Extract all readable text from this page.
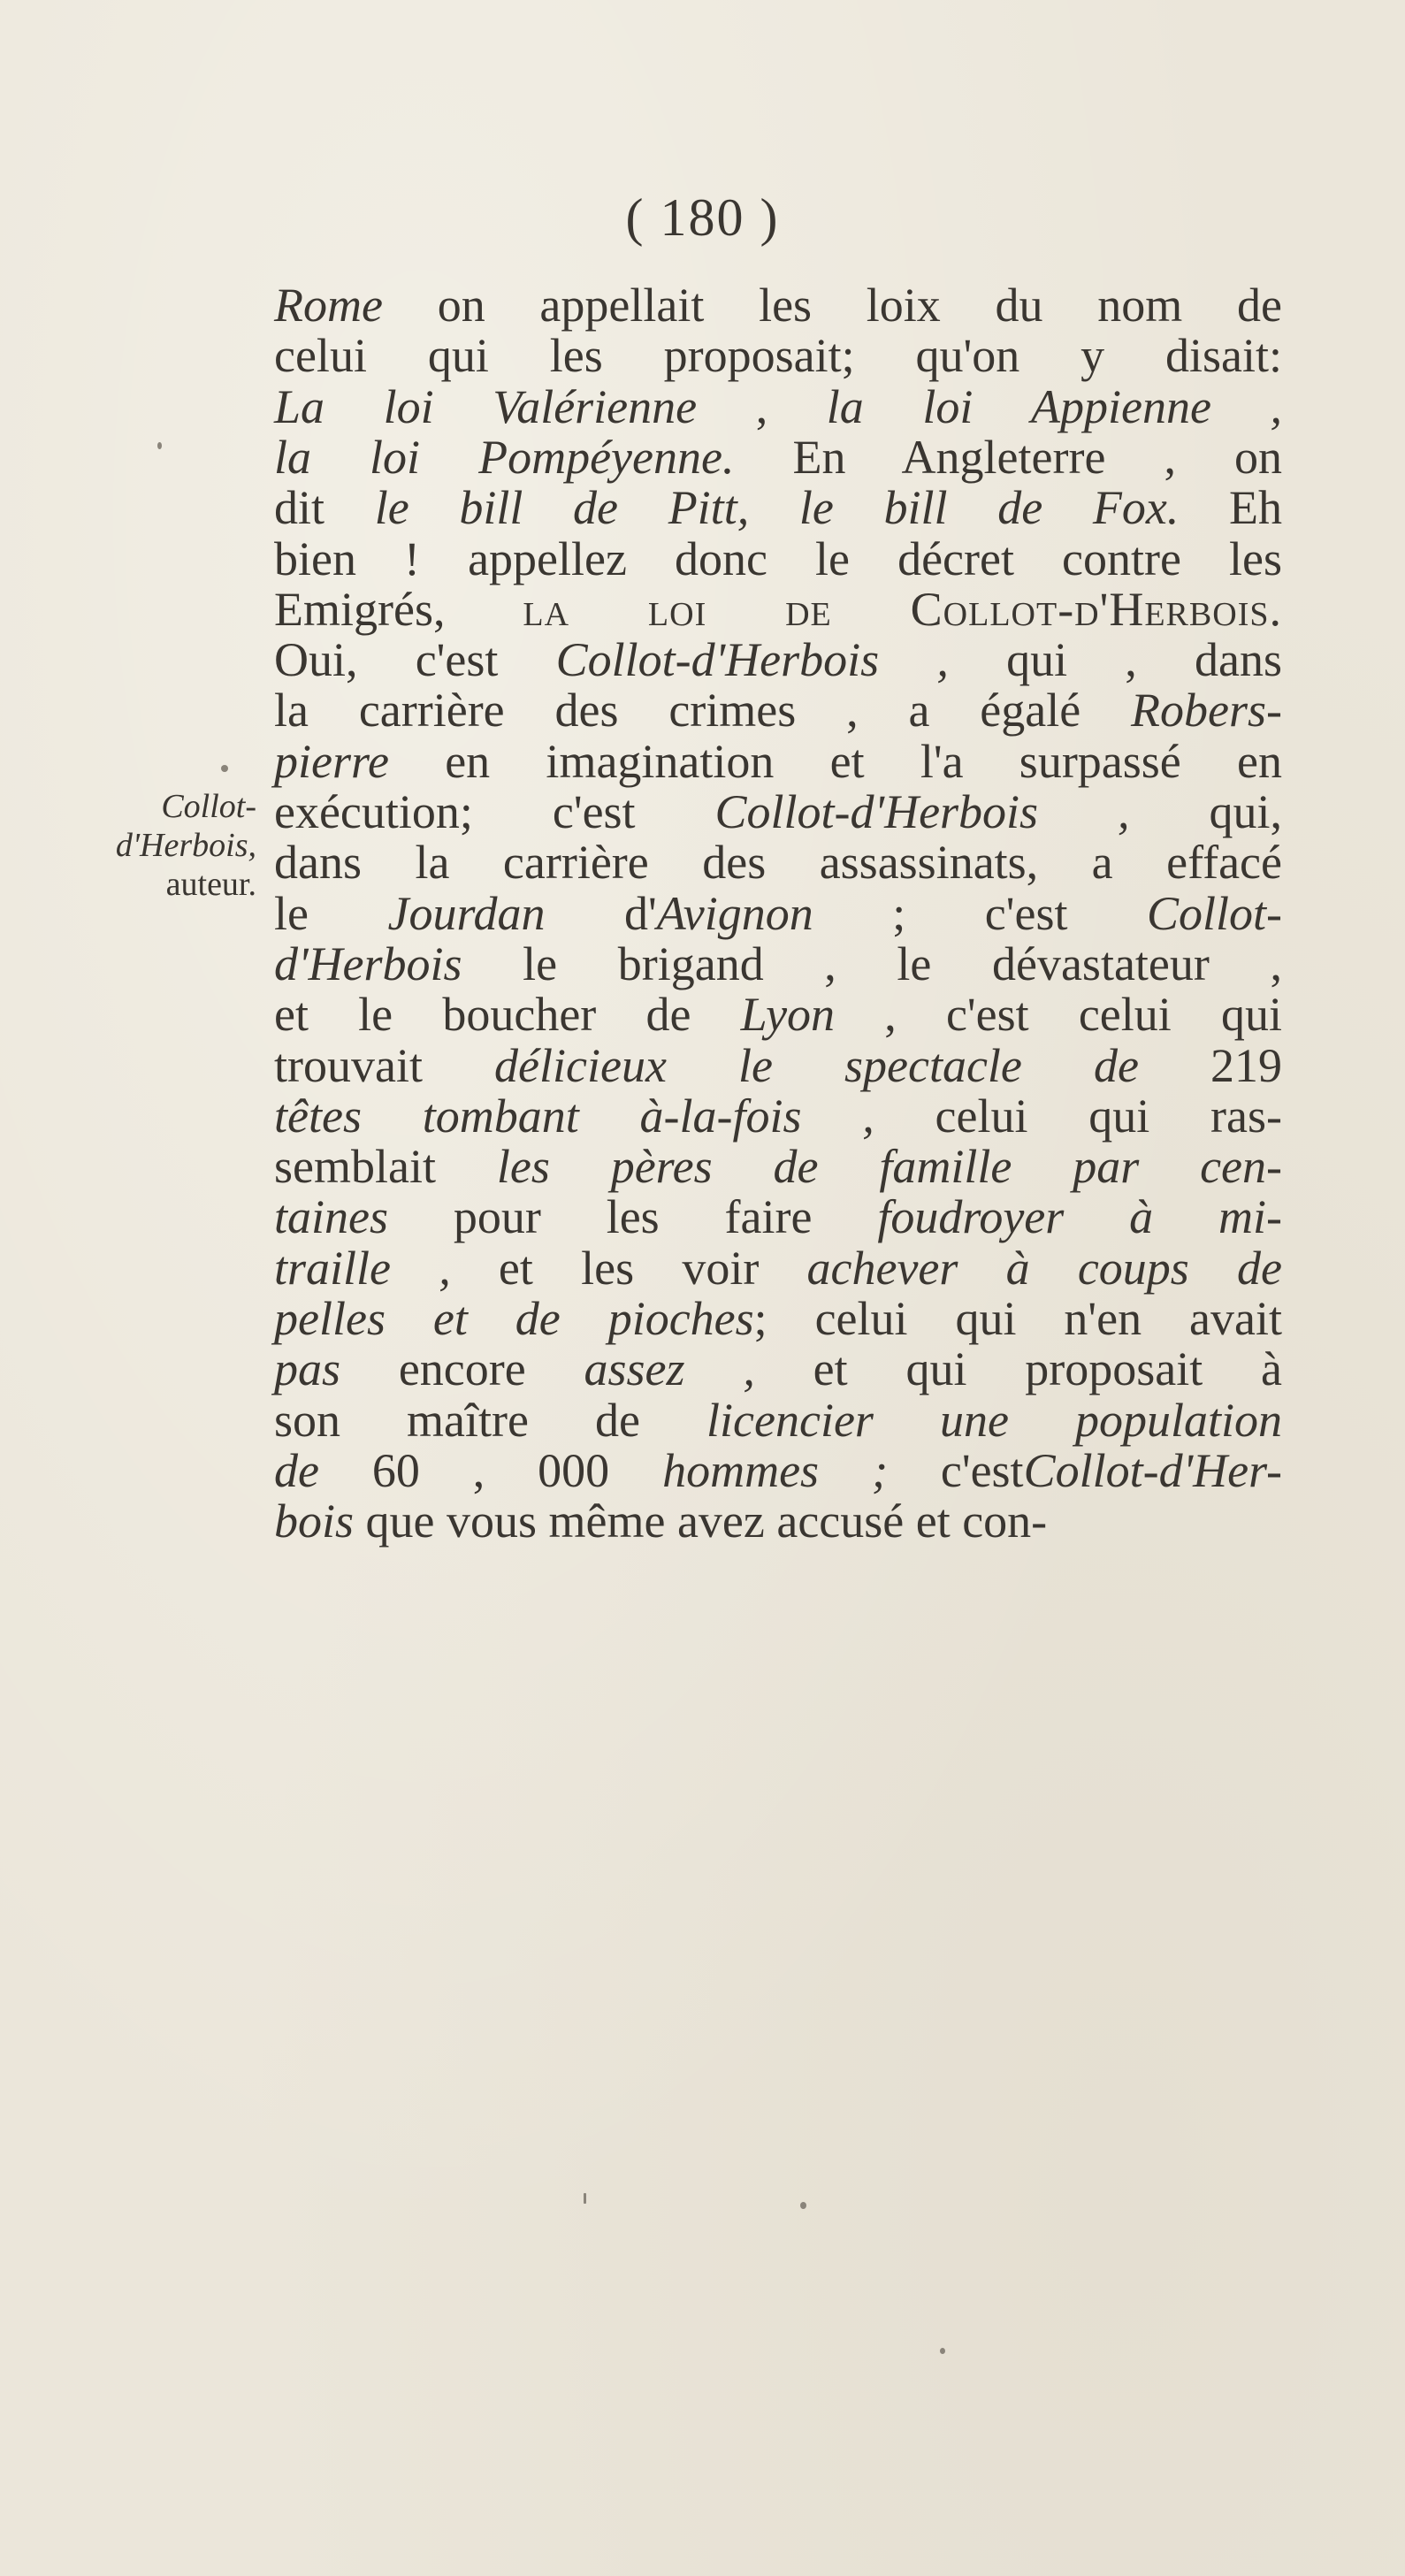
( 180 )
Collot-
d'Herbois,
auteur.
Rome on appellait les loix du nom de
celui qui les proposait; qu'on y disait:
La loi Valérienne , la loi Appienne ,
la loi Pompéyenne. En Angleterre , on
dit le bill de Pitt, le bill de Fox. Eh
bien ! appellez donc le décret contre les
Emigrés, la loi de Collot-d'Herbois.
Oui, c'est Collot-d'Herbois , qui , dans
la carrière des crimes , a égalé Robers-
pierre en imagination et l'a surpassé en
exécution; c'est Collot-d'Herbois , qui,
dans la carrière des assassinats, a effacé
le Jourdan d'Avignon ; c'est Collot-
d'Herbois le brigand , le dévastateur ,
et le boucher de Lyon , c'est celui qui
trouvait délicieux le spectacle de 219
têtes tombant à-la-fois , celui qui ras-
semblait les pères de famille par cen-
taines pour les faire foudroyer à mi-
traille , et les voir achever à coups de
pelles et de pioches; celui qui n'en avait
pas encore assez , et qui proposait à
son maître de licencier une population
de 60 , 000 hommes ; c'estCollot-d'Her-
bois que vous même avez accusé et con-
